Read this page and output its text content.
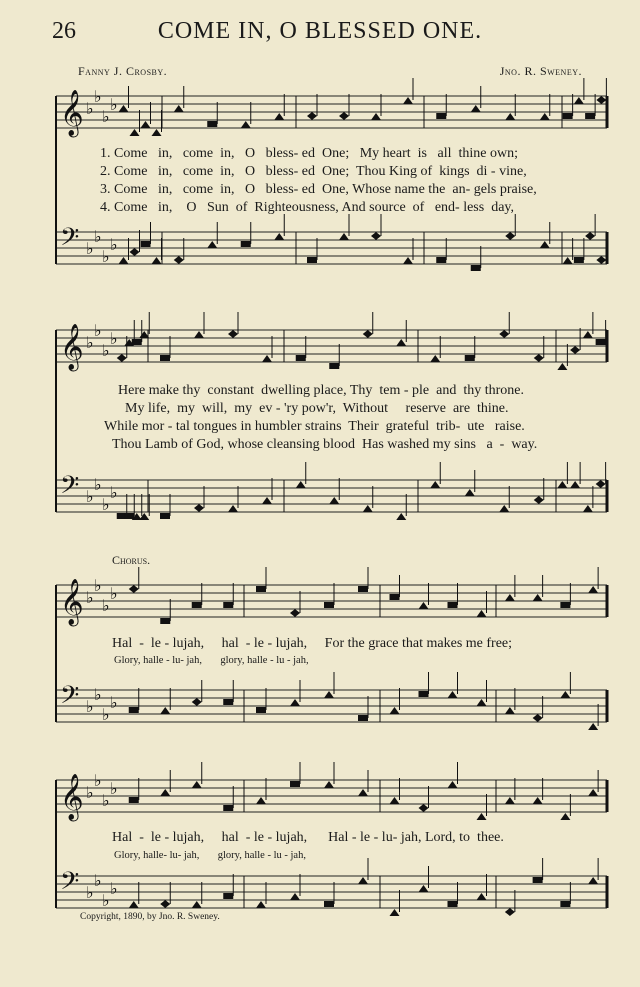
26	COME IN, O BLESSED ONE.
Fanny J. Crosby.	Jno. R. Sweney.
𝄞 ♭
♭
♭
♭
𝄢 ♭
♭
♭
♭
𝄞 ♭
♭
♭
♭
𝄢 ♭
♭
♭
♭
𝄞 ♭
♭
♭
♭
𝄢 ♭
♭
♭
♭
𝄞 ♭
♭
♭
♭
𝄢 ♭
♭
♭
♭
1. Come   in,   come  in,   O   bless- ed  One;   My heart  is   all  thine own;
2. Come   in,   come  in,   O   bless- ed  One;  Thou King of  kings  di - vine,
3. Come   in,   come  in,   O   bless- ed  One, Whose name the  an- gels praise,
4. Come   in,    O   Sun  of  Righteousness, And source  of   end- less  day,
Here make thy  constant  dwelling place, Thy  tem - ple  and  thy throne.
My life,  my  will,  my  ev - 'ry pow'r,  Without     reserve  are  thine.
While mor - tal tongues in humbler strains  Their  grateful  trib-  ute   raise.
Thou Lamb of God, whose cleansing blood  Has washed my sins   a  -  way.
Chorus.
Hal  -  le - lujah,     hal  - le - lujah,     For the grace that makes me free;
Glory, halle - lu- jah,       glory, halle - lu - jah,
Hal  -  le - lujah,     hal  - le - lujah,      Hal - le - lu- jah, Lord, to  thee.
Glory, halle- lu- jah,       glory, halle - lu - jah,
Copyright, 1890, by Jno. R. Sweney.
